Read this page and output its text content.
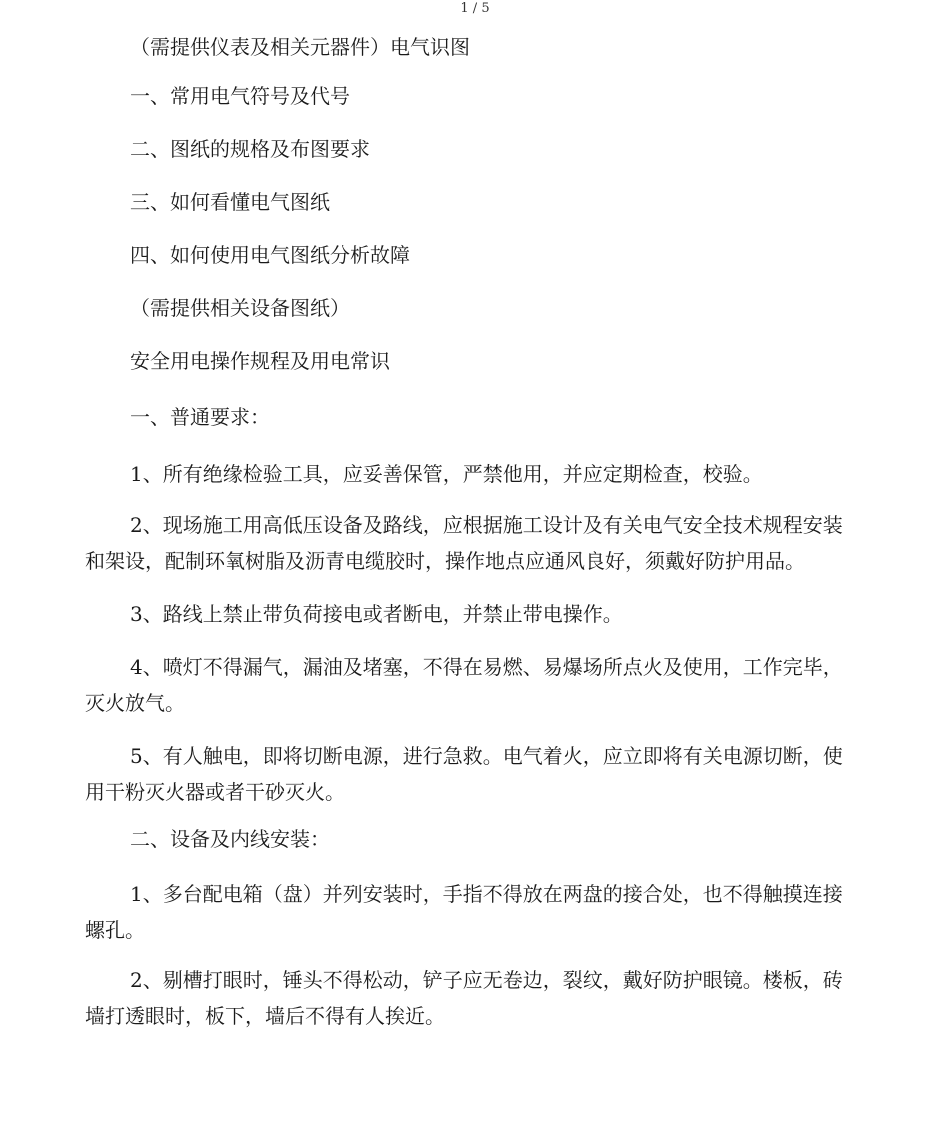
1 / 5

（需提供仪表及相关元器件）电气识图

一、常用电气符号及代号

二、图纸的规格及布图要求

三、如何看懂电气图纸

四、如何使用电气图纸分析故障

（需提供相关设备图纸）

安全用电操作规程及用电常识

一、普通要求：

1、所有绝缘检验工具，应妥善保管，严禁他用，并应定期检查，校验。

2、现场施工用高低压设备及路线，应根据施工设计及有关电气安全技术规程安装和架设，配制环氧树脂及沥青电缆胶时，操作地点应通风良好，须戴好防护用品。

3、路线上禁止带负荷接电或者断电，并禁止带电操作。

4、喷灯不得漏气，漏油及堵塞，不得在易燃、易爆场所点火及使用，工作完毕，灭火放气。

5、有人触电，即将切断电源，进行急救。电气着火，应立即将有关电源切断，使用干粉灭火器或者干砂灭火。

二、设备及内线安装：

1、多台配电箱（盘）并列安装时，手指不得放在两盘的接合处，也不得触摸连接螺孔。

2、剔槽打眼时，锤头不得松动，铲子应无卷边，裂纹，戴好防护眼镜。楼板，砖墙打透眼时，板下，墙后不得有人挨近。
